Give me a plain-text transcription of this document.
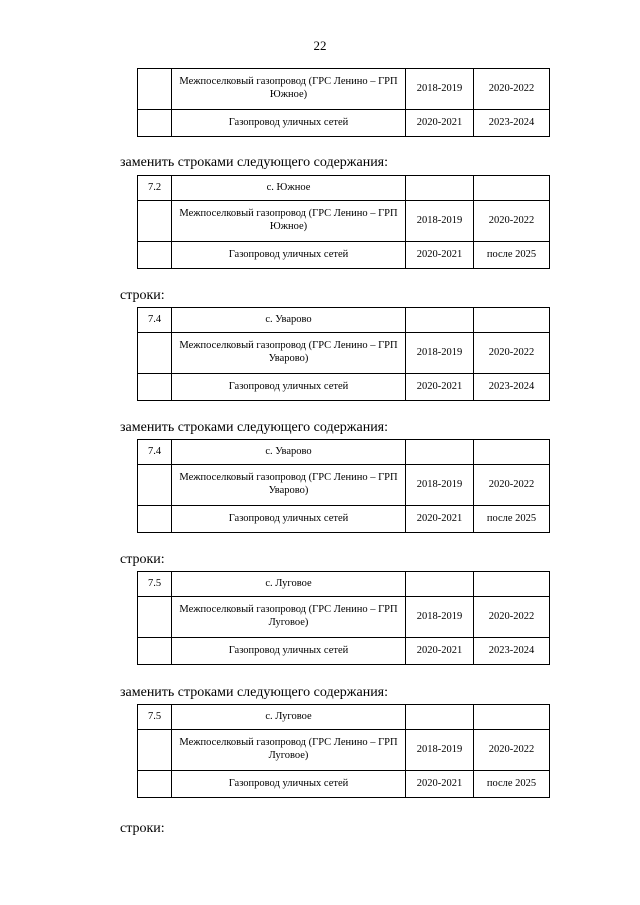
22
	Межпоселковый газопровод (ГРС Ленино – ГРП Южное)	2018-2019	2020-2022
	Газопровод уличных сетей	2020-2021	2023-2024
заменить строками следующего содержания:
7.2	с. Южное		
	Межпоселковый газопровод (ГРС Ленино – ГРП Южное)	2018-2019	2020-2022
	Газопровод уличных сетей	2020-2021	после 2025
строки:
7.4	с. Уварово		
	Межпоселковый газопровод (ГРС Ленино – ГРП Уварово)	2018-2019	2020-2022
	Газопровод уличных сетей	2020-2021	2023-2024
заменить строками следующего содержания:
7.4	с. Уварово		
	Межпоселковый газопровод (ГРС Ленино – ГРП Уварово)	2018-2019	2020-2022
	Газопровод уличных сетей	2020-2021	после 2025
строки:
7.5	с. Луговое		
	Межпоселковый газопровод (ГРС Ленино – ГРП Луговое)	2018-2019	2020-2022
	Газопровод уличных сетей	2020-2021	2023-2024
заменить строками следующего содержания:
7.5	с. Луговое		
	Межпоселковый газопровод (ГРС Ленино – ГРП Луговое)	2018-2019	2020-2022
	Газопровод уличных сетей	2020-2021	после 2025
строки:
